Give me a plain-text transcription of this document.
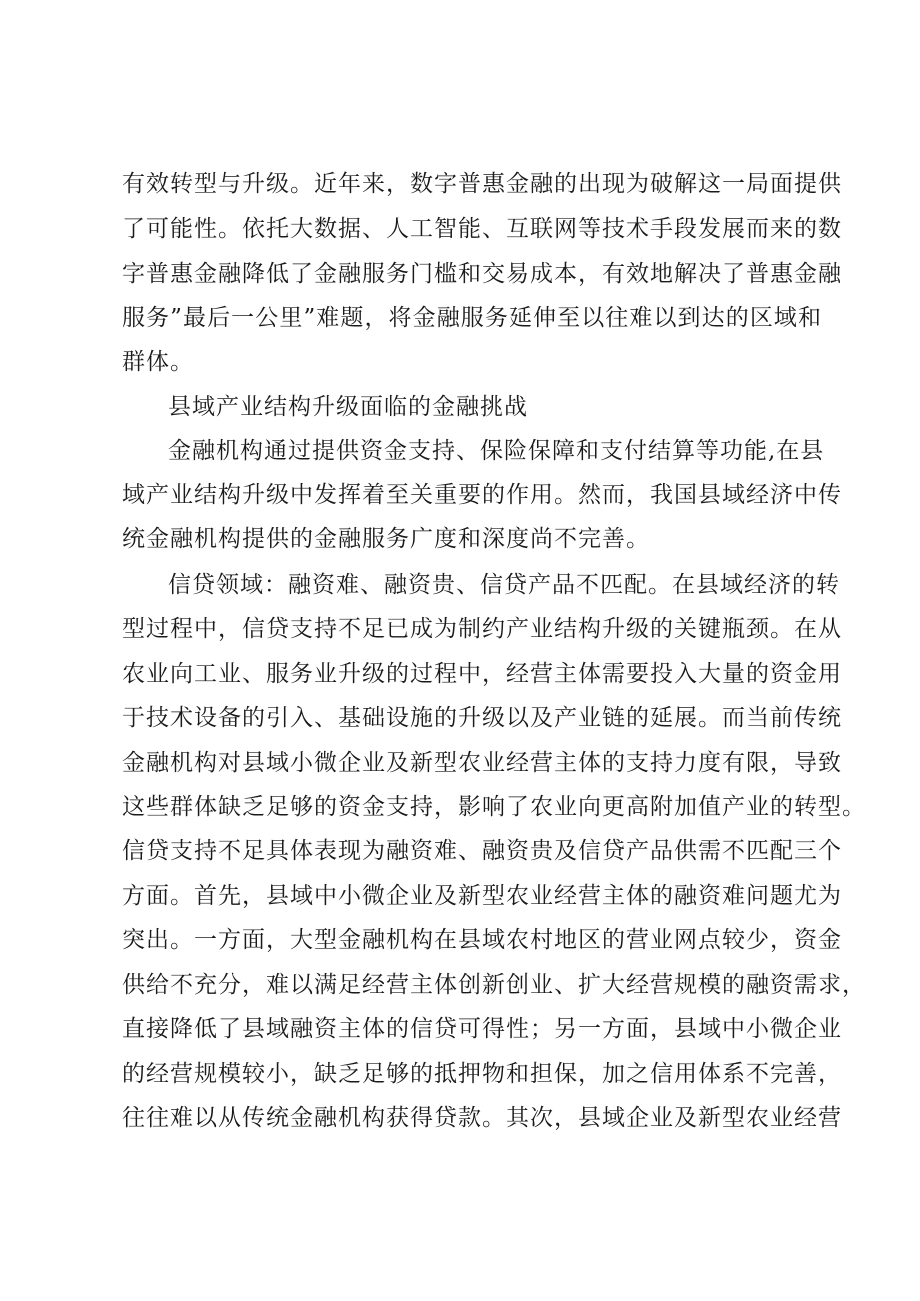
有效转型与升级。近年来，数字普惠金融的出现为破解这一局面提供
了可能性。依托大数据、人工智能、互联网等技术手段发展而来的数
字普惠金融降低了金融服务门槛和交易成本，有效地解决了普惠金融
服务”最后一公里”难题，将金融服务延伸至以往难以到达的区域和
群体。
县域产业结构升级面临的金融挑战
金融机构通过提供资金支持、保险保障和支付结算等功能,在县
域产业结构升级中发挥着至关重要的作用。然而，我国县域经济中传
统金融机构提供的金融服务广度和深度尚不完善。
信贷领域：融资难、融资贵、信贷产品不匹配。在县域经济的转
型过程中，信贷支持不足已成为制约产业结构升级的关键瓶颈。在从
农业向工业、服务业升级的过程中，经营主体需要投入大量的资金用
于技术设备的引入、基础设施的升级以及产业链的延展。而当前传统
金融机构对县域小微企业及新型农业经营主体的支持力度有限，导致
这些群体缺乏足够的资金支持，影响了农业向更高附加值产业的转型。
信贷支持不足具体表现为融资难、融资贵及信贷产品供需不匹配三个
方面。首先，县域中小微企业及新型农业经营主体的融资难问题尤为
突出。一方面，大型金融机构在县域农村地区的营业网点较少，资金
供给不充分，难以满足经营主体创新创业、扩大经营规模的融资需求，
直接降低了县域融资主体的信贷可得性；另一方面，县域中小微企业
的经营规模较小，缺乏足够的抵押物和担保，加之信用体系不完善，
往往难以从传统金融机构获得贷款。其次，县域企业及新型农业经营
